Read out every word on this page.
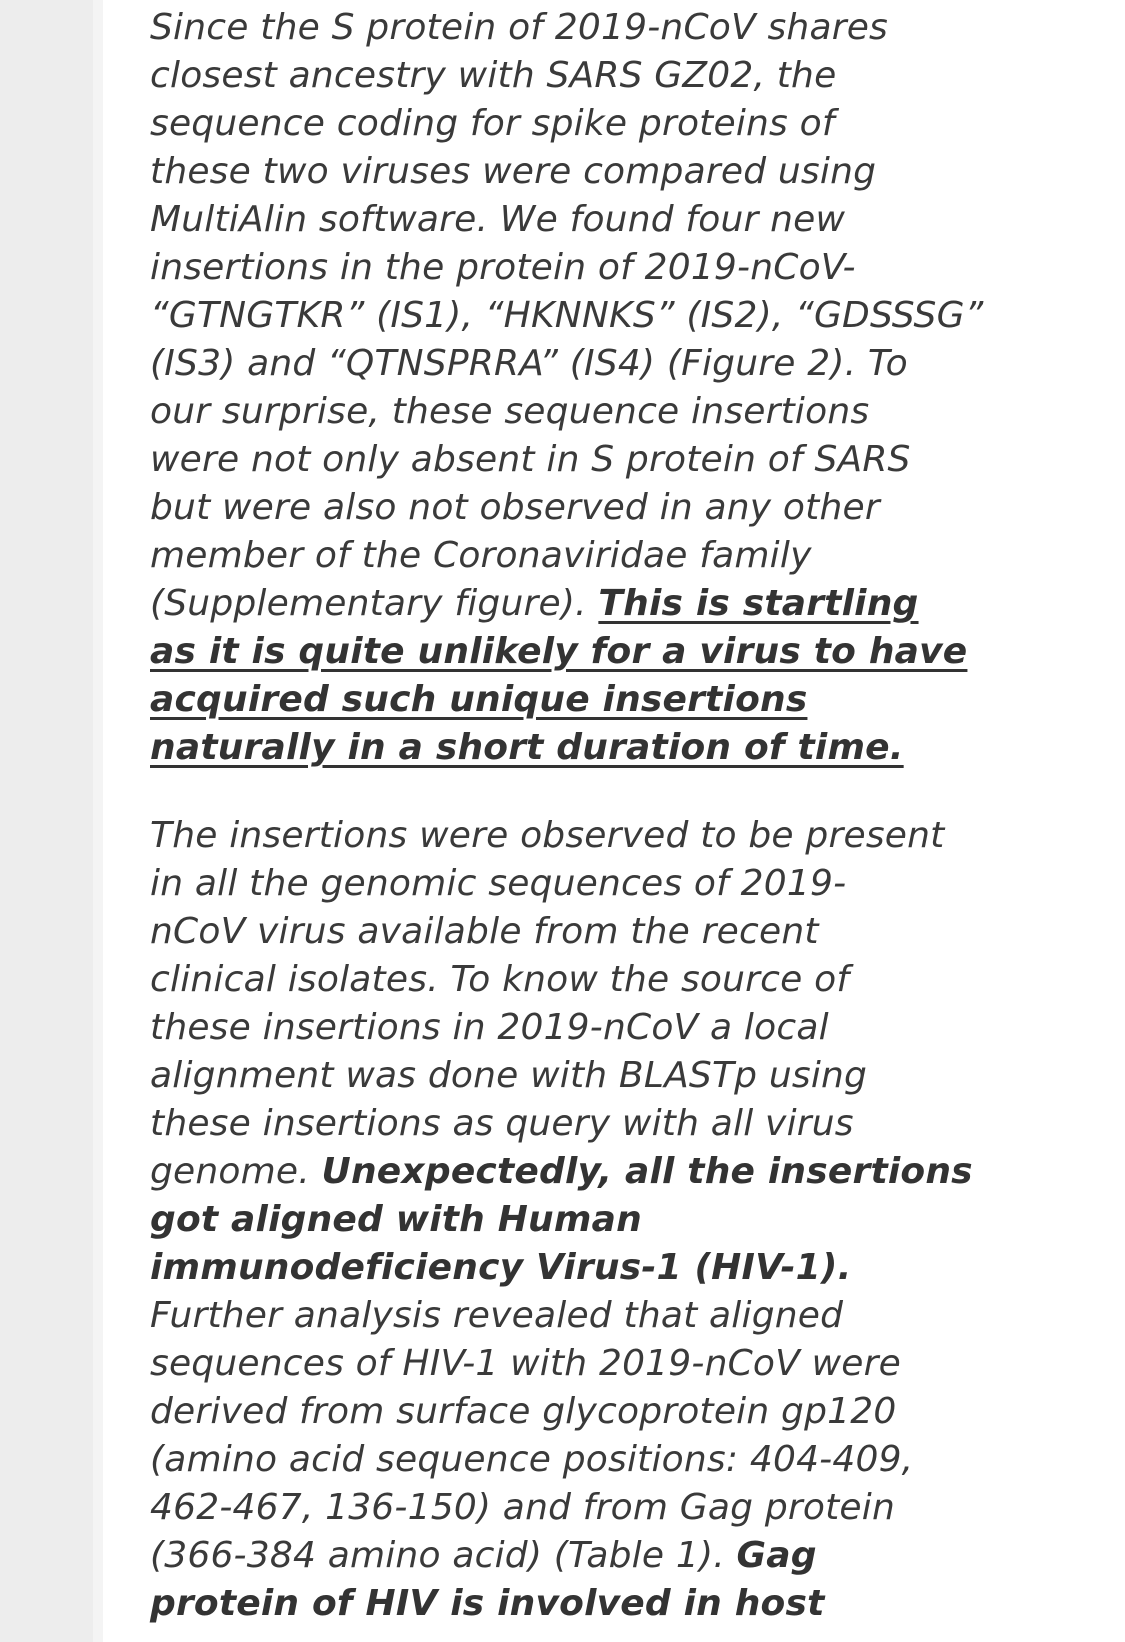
Since the S protein of 2019-nCoV shares
closest ancestry with SARS GZ02, the
sequence coding for spike proteins of
these two viruses were compared using
MultiAlin software. We found four new
insertions in the protein of 2019-nCoV-
“GTNGTKR” (IS1), “HKNNKS” (IS2), “GDSSSG”
(IS3) and “QTNSPRRA” (IS4) (Figure 2). To
our surprise, these sequence insertions
were not only absent in S protein of SARS
but were also not observed in any other
member of the Coronaviridae family
(Supplementary figure). This is startling
as it is quite unlikely for a virus to have
acquired such unique insertions
naturally in a short duration of time.
The insertions were observed to be present
in all the genomic sequences of 2019-
nCoV virus available from the recent
clinical isolates. To know the source of
these insertions in 2019-nCoV a local
alignment was done with BLASTp using
these insertions as query with all virus
genome. Unexpectedly, all the insertions
got aligned with Human
immunodeficiency Virus-1 (HIV-1).
Further analysis revealed that aligned
sequences of HIV-1 with 2019-nCoV were
derived from surface glycoprotein gp120
(amino acid sequence positions: 404-409,
462-467, 136-150) and from Gag protein
(366-384 amino acid) (Table 1). Gag
protein of HIV is involved in host
